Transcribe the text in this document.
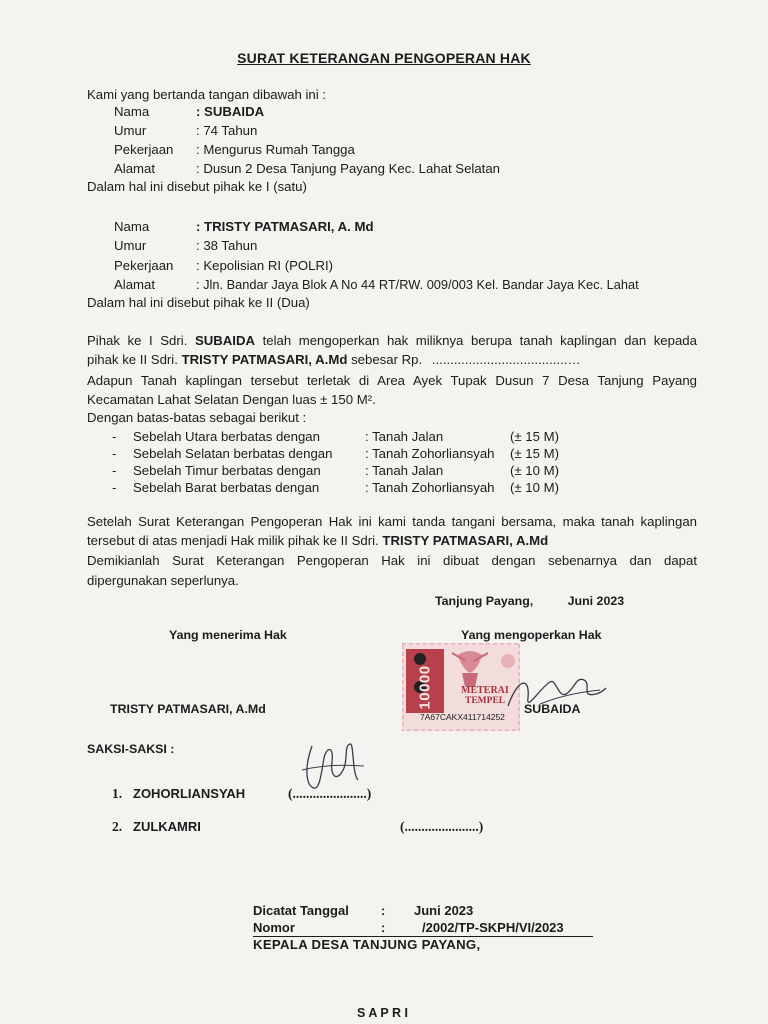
SURAT KETERANGAN PENGOPERAN HAK
Kami yang bertanda tangan dibawah ini :
Nama	: SUBAIDA
Umur	: 74 Tahun
Pekerjaan : Mengurus Rumah Tangga
Alamat	: Dusun 2 Desa Tanjung Payang Kec. Lahat Selatan
Dalam hal ini disebut pihak ke I (satu)
Nama	: TRISTY PATMASARI, A. Md
Umur	: 38 Tahun
Pekerjaan : Kepolisian RI (POLRI)
Alamat	: Jln. Bandar Jaya Blok A No 44 RT/RW. 009/003 Kel. Bandar Jaya Kec. Lahat
Dalam hal ini disebut pihak ke II (Dua)
Pihak ke I Sdri. SUBAIDA telah mengoperkan hak miliknya berupa tanah kaplingan dan kepada
pihak ke II Sdri. TRISTY PATMASARI, A.Md sebesar Rp. .....................................…
Adapun Tanah kaplingan tersebut terletak di Area Ayek Tupak Dusun 7 Desa Tanjung Payang
Kecamatan Lahat Selatan Dengan luas ± 150 M².
Dengan batas-batas sebagai berikut :
- Sebelah Utara berbatas dengan	: Tanah Jalan	(± 15 M)
- Sebelah Selatan berbatas dengan : Tanah Zohorliansyah (± 15 M)
- Sebelah Timur berbatas dengan	: Tanah Jalan	(± 10 M)
- Sebelah Barat berbatas dengan	: Tanah Zohorliansyah (± 10 M)
Setelah Surat Keterangan Pengoperan Hak ini kami tanda tangani bersama, maka tanah kaplingan
tersebut di atas menjadi Hak milik pihak ke II Sdri. TRISTY PATMASARI, A.Md
Demikianlah Surat Keterangan Pengoperan Hak ini dibuat dengan sebenarnya dan dapat
dipergunakan seperlunya.
Tanjung Payang,          Juni 2023
Yang menerima Hak	Yang mengoperkan Hak
10000	METERAI
TEMPEL
7A67CAKX411714252
TRISTY PATMASARI, A.Md	SUBAIDA
SAKSI-SAKSI :
1. ZOHORLIANSYAH	(......................)
2. ZULKAMRI	(......................)
Dicatat Tanggal : Juni 2023
Nomor	:	/2002/TP-SKPH/VI/2023
KEPALA DESA TANJUNG PAYANG,
S A P R I
